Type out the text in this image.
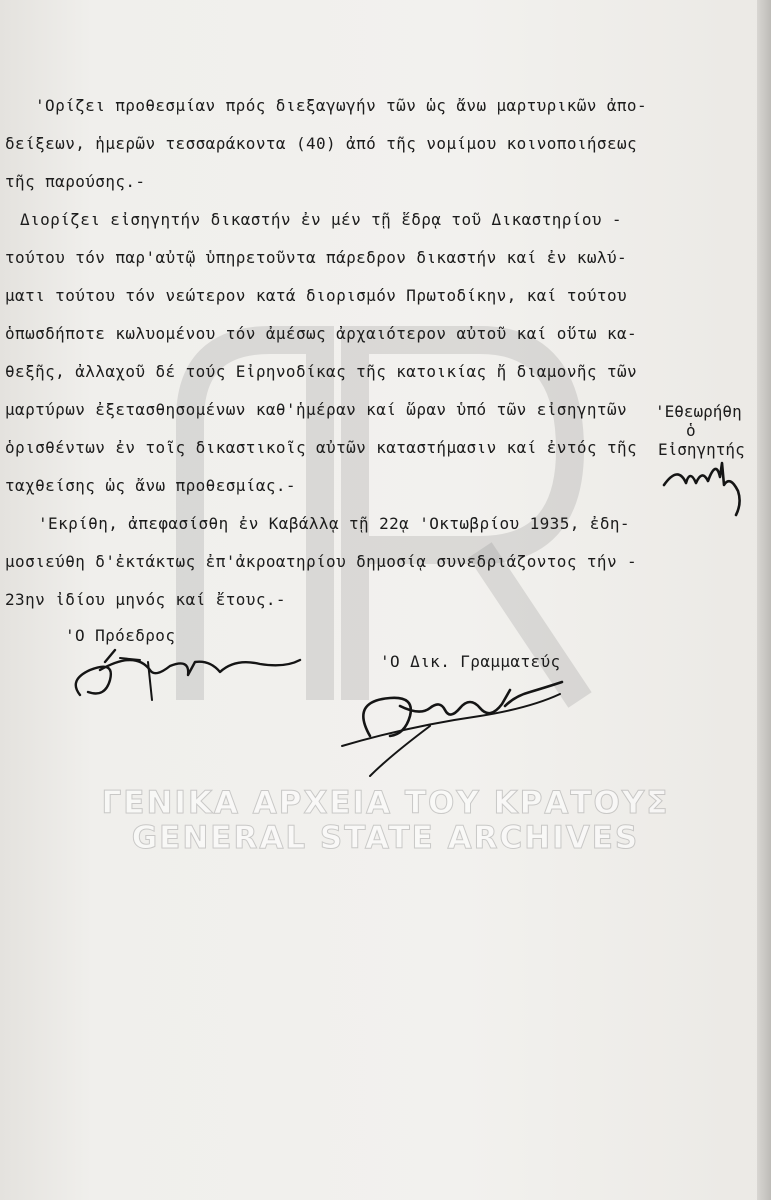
'Ορίζει προθεσμίαν πρός διεξαγωγήν τῶν ὡς ἄνω μαρτυρικῶν ἀπο-
δείξεων, ἡμερῶν τεσσαράκοντα (40) ἀπό τῆς νομίμου κοινοποιήσεως
τῆς παρούσης.-
Διορίζει εἰσηγητήν δικαστήν ἐν μέν τῇ ἕδρᾳ τοῦ Δικαστηρίου -
τούτου τόν παρ'αὐτῷ ὑπηρετοῦντα πάρεδρον δικαστήν καί ἐν κωλύ-
ματι τούτου τόν νεώτερον κατά διορισμόν Πρωτοδίκην, καί τούτου
ὁπωσδήποτε κωλυομένου τόν ἀμέσως ἀρχαιότερον αὐτοῦ καί οὕτω κα-
θεξῆς, ἀλλαχοῦ δέ τούς Εἰρηνοδίκας τῆς κατοικίας ἤ διαμονῆς τῶν
μαρτύρων ἐξετασθησομένων καθ'ἡμέραν καί ὥραν ὑπό τῶν εἰσηγητῶν
ὁρισθέντων ἐν τοῖς δικαστικοῖς αὐτῶν καταστήμασιν καί ἐντός τῆς
ταχθείσης ὡς ἄνω προθεσμίας.-
'Εκρίθη, ἀπεφασίσθη ἐν Καβάλλᾳ τῇ 22ᾳ 'Οκτωβρίου 1935, ἐδη-
μοσιεύθη δ'ἐκτάκτως ἐπ'ἀκροατηρίου δημοσίᾳ συνεδριάζοντος τήν -
23ην ἰδίου μηνός καί ἔτους.-
'Ο Πρόεδρος
'Ο Δικ. Γραμματεύς
'Εθεωρήθη
ὁ
Εἰσηγητής
ΓΕΝΙΚΑ ΑΡΧΕΙΑ ΤΟΥ ΚΡΑΤΟΥΣ
GENERAL STATE ARCHIVES
